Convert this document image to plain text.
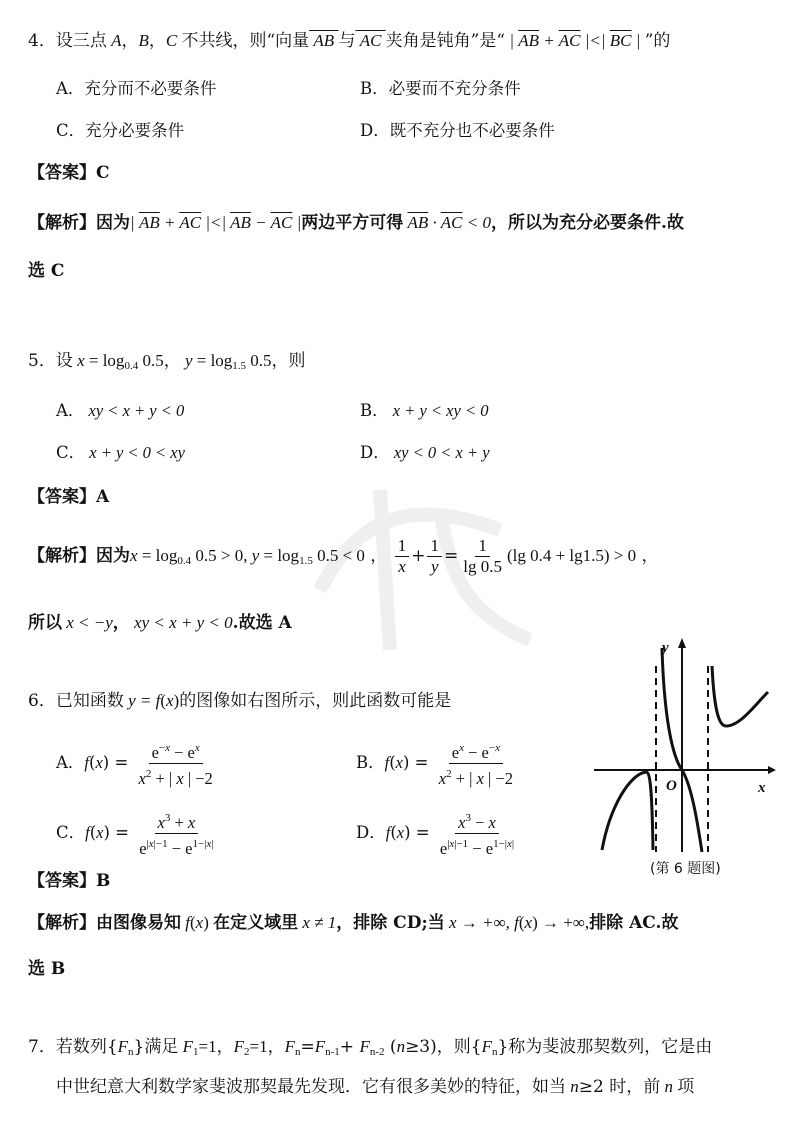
4．设三点 A，B，C 不共线，则“向量 AB 与 AC 夹角是钝角”是“ | $\overline{AB} + \overline{AC}$ |<| $\overline{BC}$ | ”的
A．充分而不必要条件	B．必要而不充分条件
C．充分必要条件	D．既不充分也不必要条件
【答案】C
【解析】因为| $\overline{AB} + \overline{AC}$ |<| $\overline{AB} - \overline{AC}$ |两边平方可得 $\overline{AB} \cdot \overline{AC} < 0$，所以为充分必要条件.故
选 C
5．设 $x = \log_{0.4} 0.5$， $y = \log_{1.5} 0.5$，则
A． xy < x + y < 0	B． x + y < xy < 0
C． x + y < 0 < xy	D． xy < 0 < x + y
【答案】A
【解析】因为$x = \log_{0.4} 0.5 > 0$, $y = \log_{1.5} 0.5 < 0$ ， $\frac{1}{x} + \frac{1}{y} = \frac{1}{\lg 0.5} (\lg$ 0.4 + lg1.5) > 0 ，
所以 x < −y， xy < x + y < 0.故选 A
6．已知函数 y = f(x)的图像如右图所示，则此函数可能是
A．$f(x) = \frac{e^{-x} - e^x}{x^2 + | x | -2}$	B．$f(x) = \frac{e^x - e^{-x}}{x^2 + | x | -2}$
C．$f(x) = \frac{x^3 + x}{e^{|x|-1} - e^{1-|x|}}$	D．$f(x) = \frac{x^3 - x}{e^{|x|-1} - e^{1-|x|}}$
y
x
O
(第 6 题图)
【答案】B
【解析】由图像易知 f(x) 在定义域里 x ≠ 1，排除 CD;当 x → +∞, f(x) → +∞,排除 AC.故
选 B
7．若数列$\{F_n\}$满足 $F_1=1$，$F_2=1$，$F_n=F_{n-1}+ F_{n-2}$ (n≥3)，则$\{F_n\}$称为斐波那契数列，它是由
中世纪意大利数学家斐波那契最先发现．它有很多美妙的特征，如当 n≥2 时，前 n 项
